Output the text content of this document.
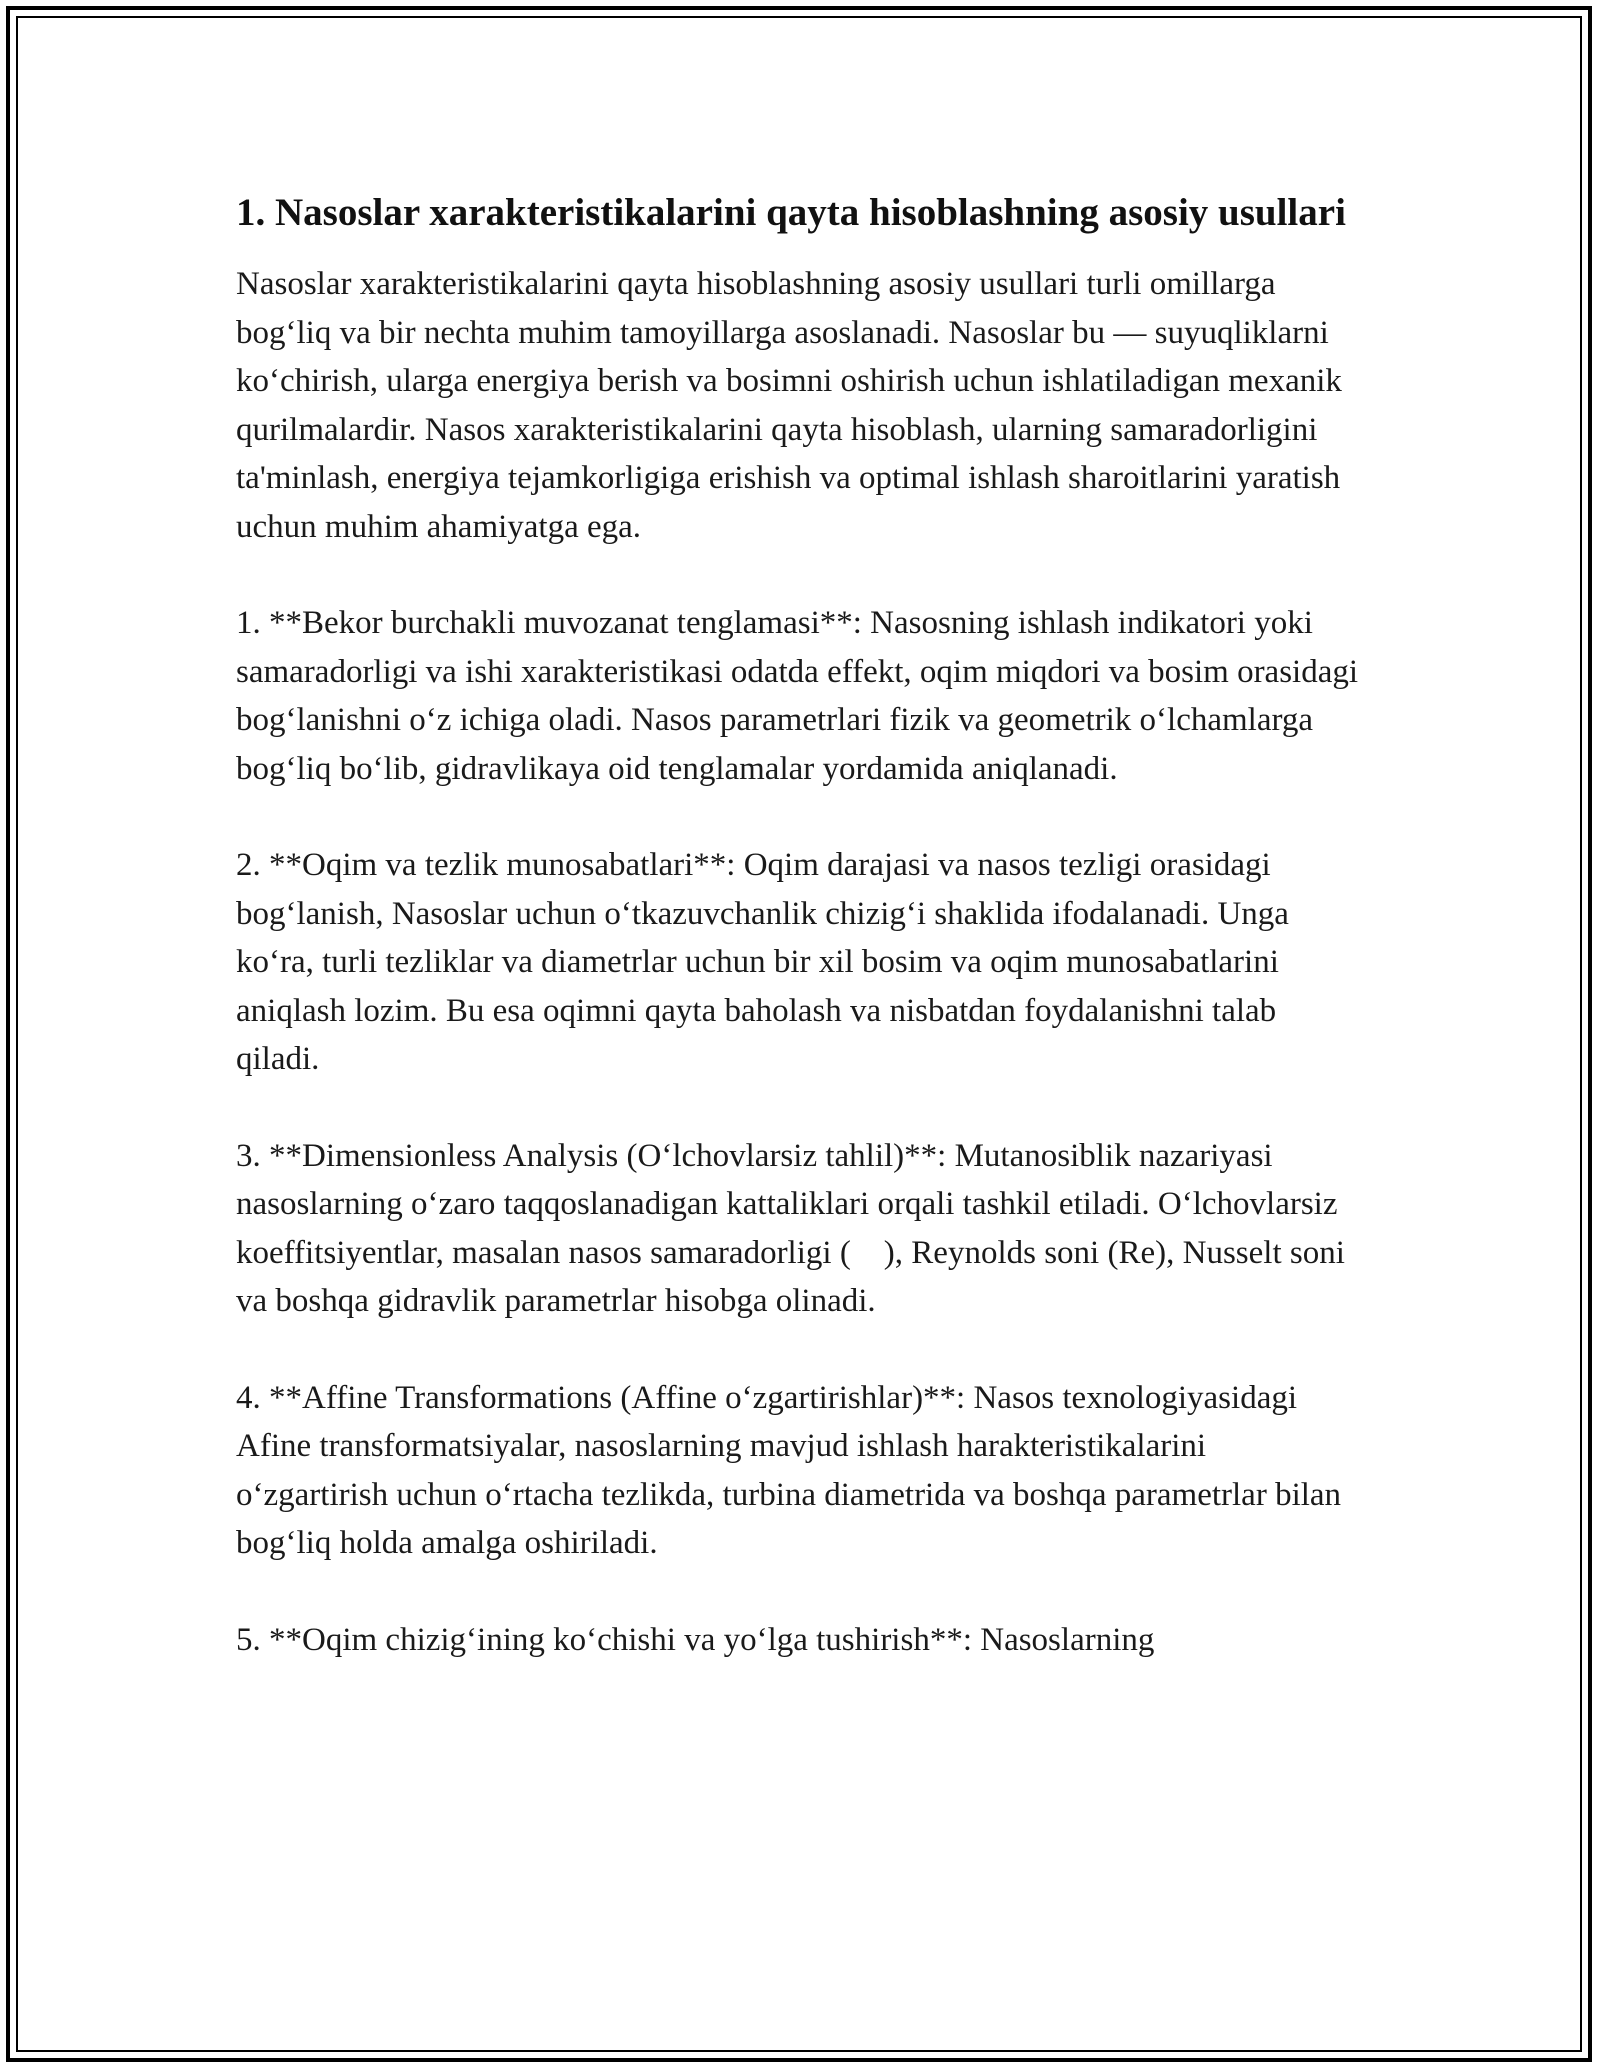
1. Nasoslar xarakteristikalarini qayta hisoblashning asosiy usullari

Nasoslar xarakteristikalarini qayta hisoblashning asosiy usullari turli omillarga bog‘liq va bir nechta muhim tamoyillarga asoslanadi. Nasoslar bu — suyuqliklarni ko‘chirish, ularga energiya berish va bosimni oshirish uchun ishlatiladigan mexanik qurilmalardir. Nasos xarakteristikalarini qayta hisoblash, ularning samaradorligini ta'minlash, energiya tejamkorligiga erishish va optimal ishlash sharoitlarini yaratish uchun muhim ahamiyatga ega.

1. **Bekor burchakli muvozanat tenglamasi**: Nasosning ishlash indikatori yoki samaradorligi va ishi xarakteristikasi odatda effekt, oqim miqdori va bosim orasidagi bog‘lanishni o‘z ichiga oladi. Nasos parametrlari fizik va geometrik o‘lchamlarga bog‘liq bo‘lib, gidravlikaya oid tenglamalar yordamida aniqlanadi.

2. **Oqim va tezlik munosabatlari**: Oqim darajasi va nasos tezligi orasidagi bog‘lanish, Nasoslar uchun o‘tkazuvchanlik chizig‘i shaklida ifodalanadi. Unga ko‘ra, turli tezliklar va diametrlar uchun bir xil bosim va oqim munosabatlarini aniqlash lozim. Bu esa oqimni qayta baholash va nisbatdan foydalanishni talab qiladi.

3. **Dimensionless Analysis (O‘lchovlarsiz tahlil)**: Mutanosiblik nazariyasi nasoslarning o‘zaro taqqoslanadigan kattaliklari orqali tashkil etiladi. O‘lchovlarsiz koeffitsiyentlar, masalan nasos samaradorligi (    ), Reynolds soni (Re), Nusselt soni va boshqa gidravlik parametrlar hisobga olinadi.

4. **Affine Transformations (Affine o‘zgartirishlar)**: Nasos texnologiyasidagi Afine transformatsiyalar, nasoslarning mavjud ishlash harakteristikalarini o‘zgartirish uchun o‘rtacha tezlikda, turbina diametrida va boshqa parametrlar bilan bog‘liq holda amalga oshiriladi.

5. **Oqim chizig‘ining ko‘chishi va yo‘lga tushirish**: Nasoslarning
